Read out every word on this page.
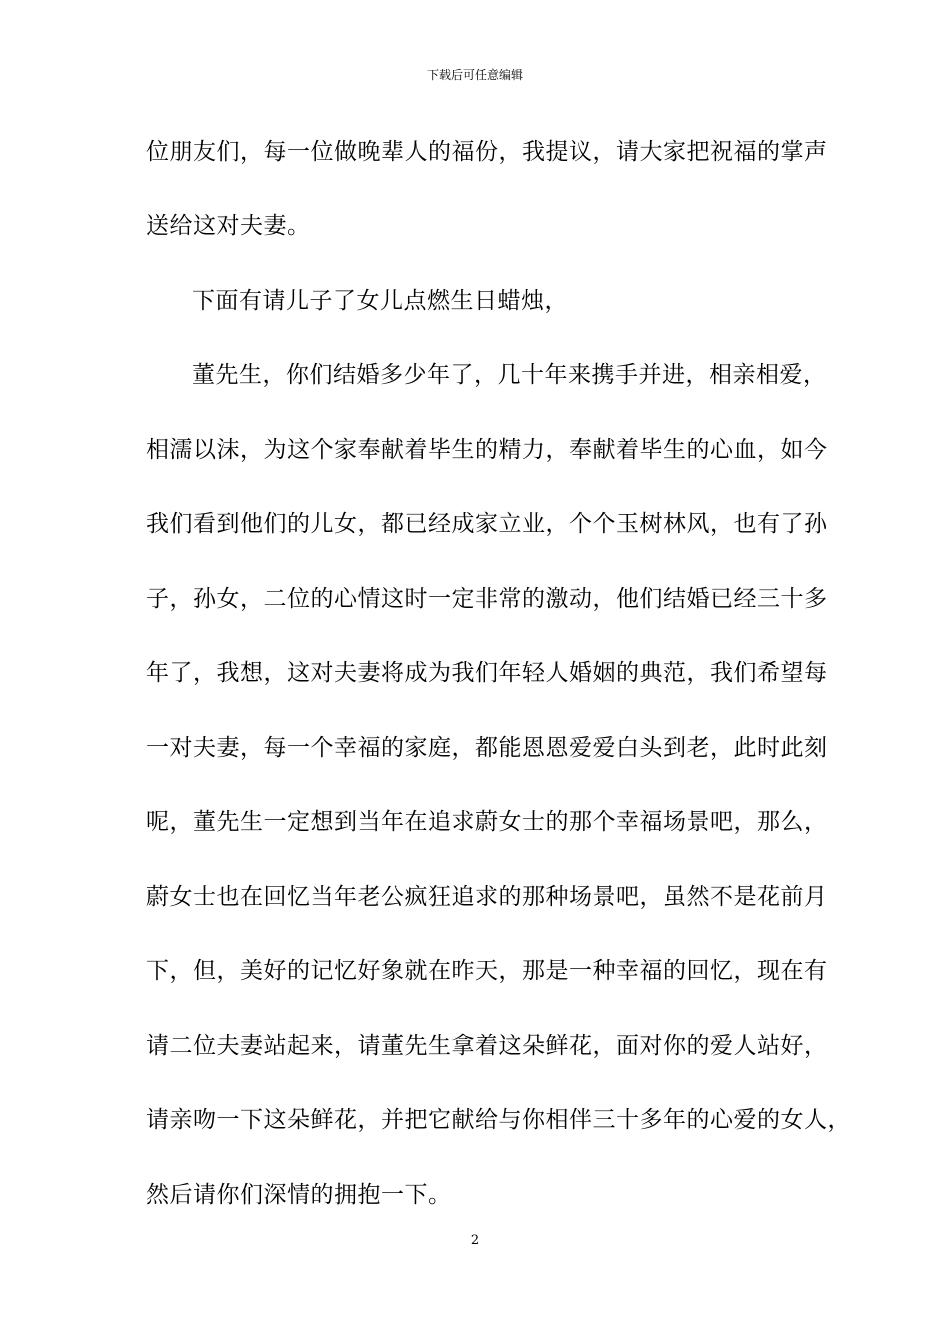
下载后可任意编辑
位朋友们，每一位做晚辈人的福份，我提议，请大家把祝福的掌声
送给这对夫妻。
下面有请儿子了女儿点燃生日蜡烛，
董先生，你们结婚多少年了，几十年来携手并进，相亲相爱，
相濡以沫，为这个家奉献着毕生的精力，奉献着毕生的心血，如今
我们看到他们的儿女，都已经成家立业，个个玉树林风，也有了孙
子，孙女，二位的心情这时一定非常的激动，他们结婚已经三十多
年了，我想，这对夫妻将成为我们年轻人婚姻的典范，我们希望每
一对夫妻，每一个幸福的家庭，都能恩恩爱爱白头到老，此时此刻
呢，董先生一定想到当年在追求蔚女士的那个幸福场景吧，那么，
蔚女士也在回忆当年老公疯狂追求的那种场景吧，虽然不是花前月
下，但，美好的记忆好象就在昨天，那是一种幸福的回忆，现在有
请二位夫妻站起来，请董先生拿着这朵鲜花，面对你的爱人站好，
请亲吻一下这朵鲜花，并把它献给与你相伴三十多年的心爱的女人，
然后请你们深情的拥抱一下。
2
